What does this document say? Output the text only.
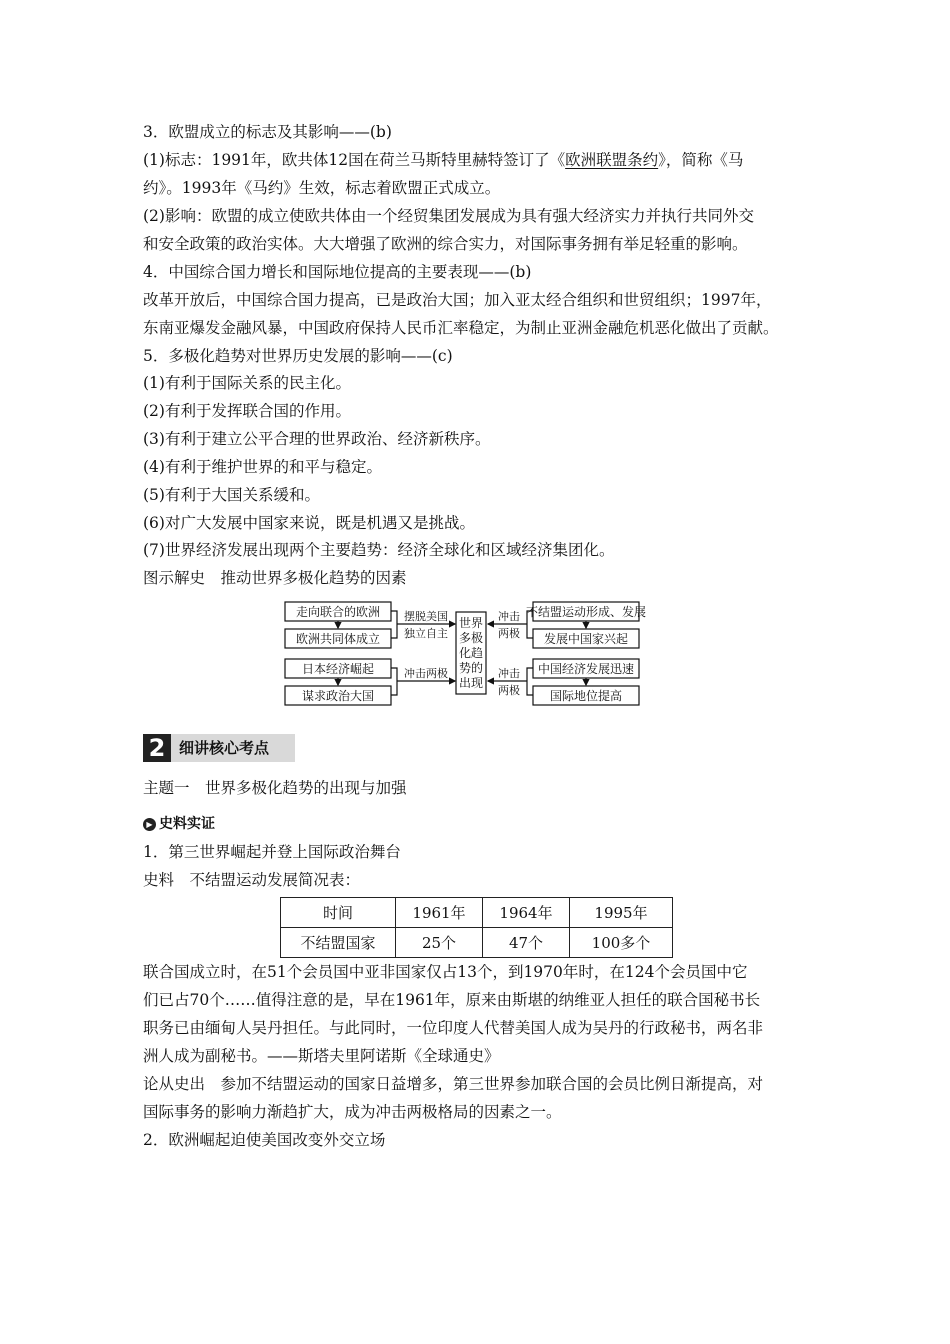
3．欧盟成立的标志及其影响——(b)
(1)标志：1991年，欧共体12国在荷兰马斯特里赫特签订了《欧洲联盟条约》，简称《马
约》。1993年《马约》生效，标志着欧盟正式成立。
(2)影响：欧盟的成立使欧共体由一个经贸集团发展成为具有强大经济实力并执行共同外交
和安全政策的政治实体。大大增强了欧洲的综合实力，对国际事务拥有举足轻重的影响。
4．中国综合国力增长和国际地位提高的主要表现——(b)
改革开放后，中国综合国力提高，已是政治大国；加入亚太经合组织和世贸组织；1997年，
东南亚爆发金融风暴，中国政府保持人民币汇率稳定，为制止亚洲金融危机恶化做出了贡献。
5．多极化趋势对世界历史发展的影响——(c)
(1)有利于国际关系的民主化。
(2)有利于发挥联合国的作用。
(3)有利于建立公平合理的世界政治、经济新秩序。
(4)有利于维护世界的和平与稳定。
(5)有利于大国关系缓和。
(6)对广大发展中国家来说，既是机遇又是挑战。
(7)世界经济发展出现两个主要趋势：经济全球化和区域经济集团化。
图示解史　推动世界多极化趋势的因素
走向联合的欧洲
欧洲共同体成立
日本经济崛起
谋求政治大国
摆脱美国
独立自主
冲击两极
世界
多极
化趋
势的
出现
不结盟运动形成、发展
发展中国家兴起
中国经济发展迅速
国际地位提高
冲击
两极
冲击
两极
2 细讲核心考点
主题一　世界多极化趋势的出现与加强
▶ 史料实证
1．第三世界崛起并登上国际政治舞台
史料　不结盟运动发展简况表：
时间	1961年	1964年	1995年
不结盟国家	25个	47个	100多个
联合国成立时，在51个会员国中亚非国家仅占13个，到1970年时，在124个会员国中它
们已占70个……值得注意的是，早在1961年，原来由斯堪的纳维亚人担任的联合国秘书长
职务已由缅甸人吴丹担任。与此同时，一位印度人代替美国人成为吴丹的行政秘书，两名非
洲人成为副秘书。——斯塔夫里阿诺斯《全球通史》
论从史出　参加不结盟运动的国家日益增多，第三世界参加联合国的会员比例日渐提高，对
国际事务的影响力渐趋扩大，成为冲击两极格局的因素之一。
2．欧洲崛起迫使美国改变外交立场
